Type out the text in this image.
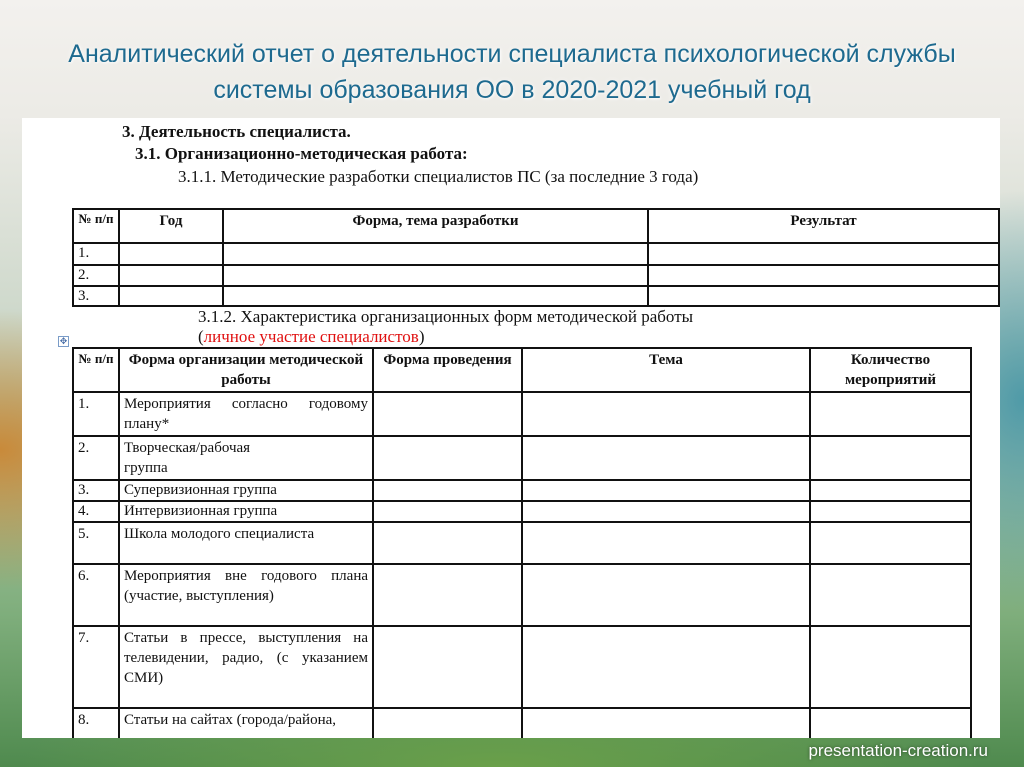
Аналитический отчет о деятельности специалиста психологической службы
системы образования ОО в 2020-2021 учебный год
3. Деятельность специалиста.
3.1. Организационно-методическая работа:
3.1.1. Методические разработки специалистов ПС (за последние 3 года)
№ п/п	Год	Форма, тема разработки	Результат
1.			
2.			
3.			
3.1.2. Характеристика организационных форм методической работы
(личное участие специалистов)
✥
№ п/п	Форма организации методической работы	Форма проведения	Тема	Количество мероприятий
1.	Мероприятия согласно годовому плану*			
2.	Творческая/рабочая группа			
3.	Супервизионная группа			
4.	Интервизионная группа			
5.	Школа молодого специалиста			
6.	Мероприятия вне годового плана (участие, выступления)			
7.	Статьи в прессе, выступления на телевидении, радио, (с указанием СМИ)			
8.	Статьи на сайтах (города/района,			
presentation-creation.ru
